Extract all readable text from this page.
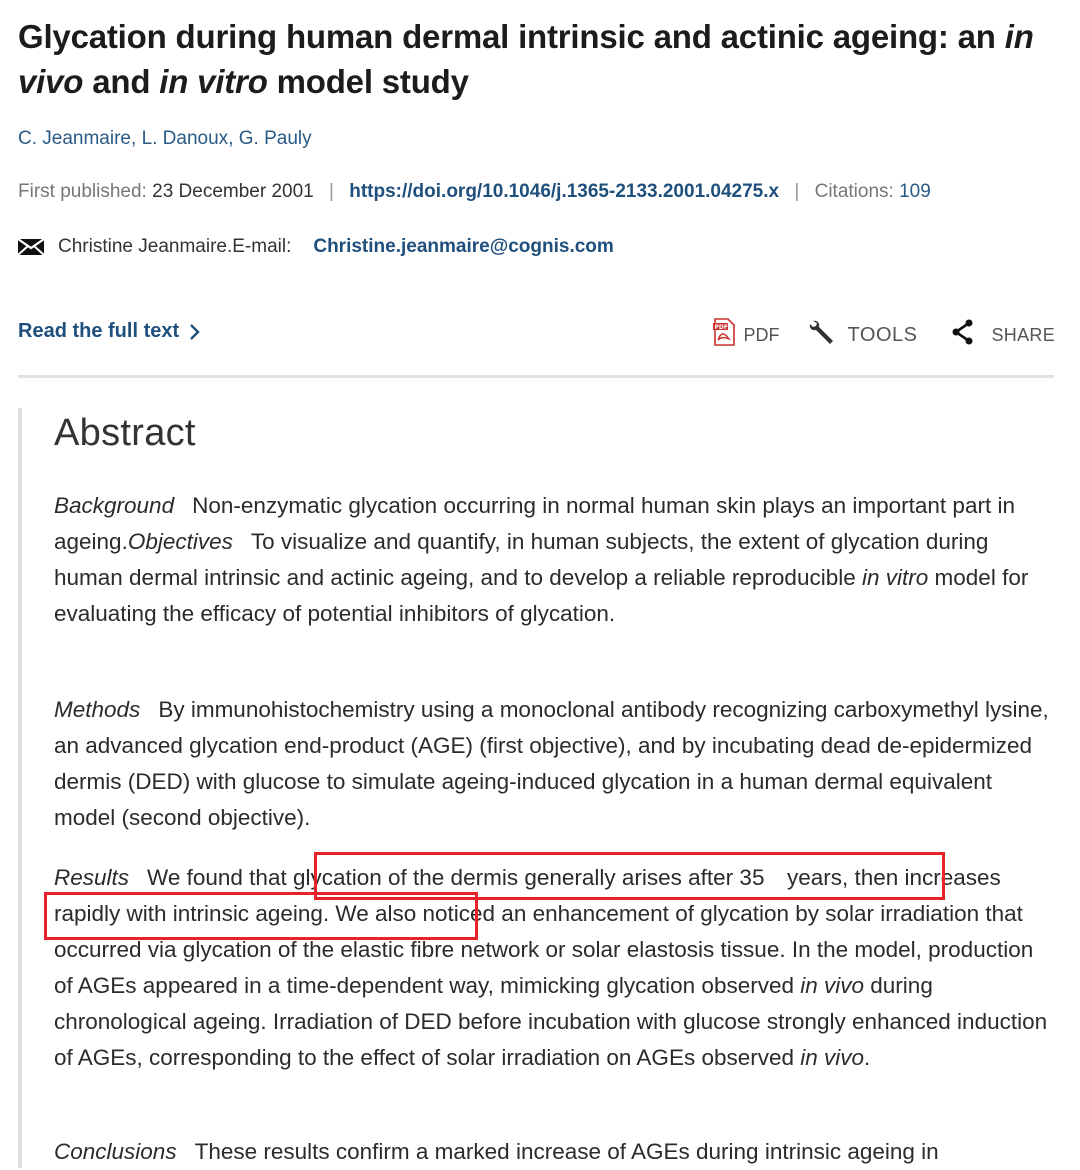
Glycation during human dermal intrinsic and actinic ageing: an in vivo and in vitro model study
C. Jeanmaire, L. Danoux, G. Pauly
First published: 23 December 2001 | https://doi.org/10.1046/j.1365-2133.2001.04275.x | Citations: 109
Christine Jeanmaire.E-mail: Christine.jeanmaire@cognis.com
Read the full text	PDF PDF	TOOLS	SHARE
Abstract

Background Non-enzymatic glycation occurring in normal human skin plays an important part in ageing.Objectives To visualize and quantify, in human subjects, the extent of glycation during human dermal intrinsic and actinic ageing, and to develop a reliable reproducible in vitro model for evaluating the efficacy of potential inhibitors of glycation.

Methods By immunohistochemistry using a monoclonal antibody recognizing carboxymethyl lysine, an advanced glycation end-product (AGE) (first objective), and by incubating dead de-epidermized dermis (DED) with glucose to simulate ageing-induced glycation in a human dermal equivalent model (second objective).

Results We found that glycation of the dermis generally arises after 35  years, then increases rapidly with intrinsic ageing. We also noticed an enhancement of glycation by solar irradiation that occurred via glycation of the elastic fibre network or solar elastosis tissue. In the model, production of AGEs appeared in a time-dependent way, mimicking glycation observed in vivo during chronological ageing. Irradiation of DED before incubation with glucose strongly enhanced induction of AGEs, corresponding to the effect of solar irradiation on AGEs observed in vivo.

Conclusions These results confirm a marked increase of AGEs during intrinsic ageing in
